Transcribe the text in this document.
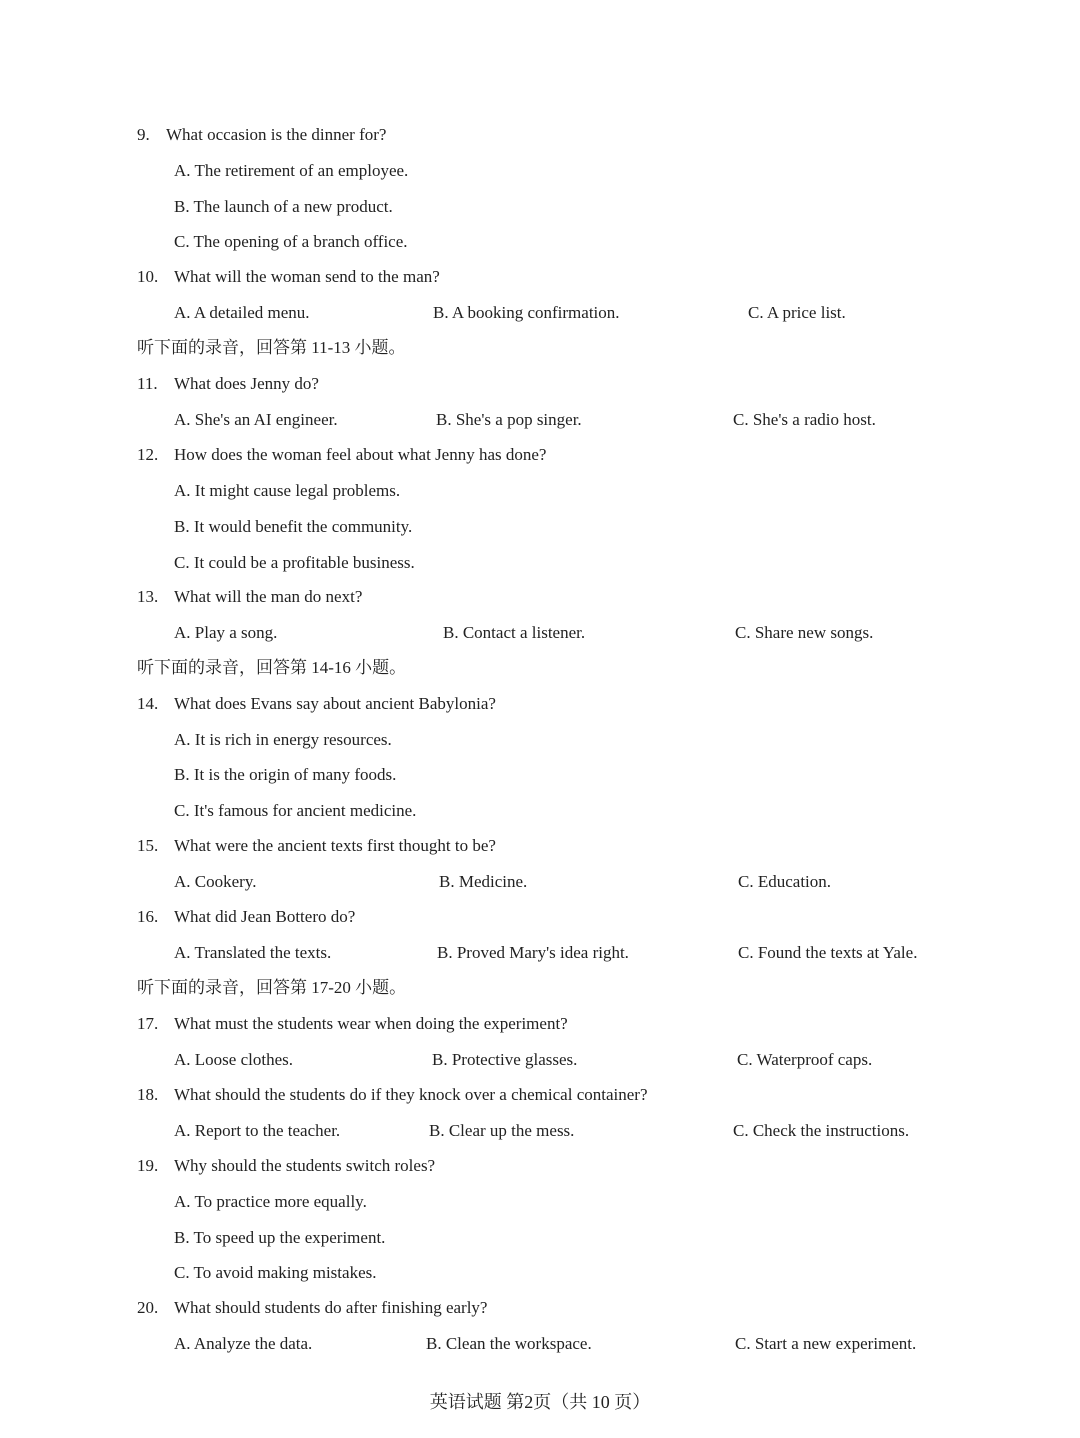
9. What occasion is the dinner for?
A. The retirement of an employee.
B. The launch of a new product.
C. The opening of a branch office.
10. What will the woman send to the man?
A. A detailed menu.	B. A booking confirmation.	C. A price list.
听下面的录音，回答第 11-13 小题。
11. What does Jenny do?
A. She's an AI engineer.	B. She's a pop singer.	C. She's a radio host.
12. How does the woman feel about what Jenny has done?
A. It might cause legal problems.
B. It would benefit the community.
C. It could be a profitable business.
13. What will the man do next?
A. Play a song.	B. Contact a listener.	C. Share new songs.
听下面的录音，回答第 14-16 小题。
14. What does Evans say about ancient Babylonia?
A. It is rich in energy resources.
B. It is the origin of many foods.
C. It's famous for ancient medicine.
15. What were the ancient texts first thought to be?
A. Cookery.	B. Medicine.	C. Education.
16. What did Jean Bottero do?
A. Translated the texts.	B. Proved Mary's idea right.	C. Found the texts at Yale.
听下面的录音，回答第 17-20 小题。
17. What must the students wear when doing the experiment?
A. Loose clothes.	B. Protective glasses.	C. Waterproof caps.
18. What should the students do if they knock over a chemical container?
A. Report to the teacher.	B. Clear up the mess.	C. Check the instructions.
19. Why should the students switch roles?
A. To practice more equally.
B. To speed up the experiment.
C. To avoid making mistakes.
20. What should students do after finishing early?
A. Analyze the data.	B. Clean the workspace.	C. Start a new experiment.
英语试题 第2页（共 10 页）
